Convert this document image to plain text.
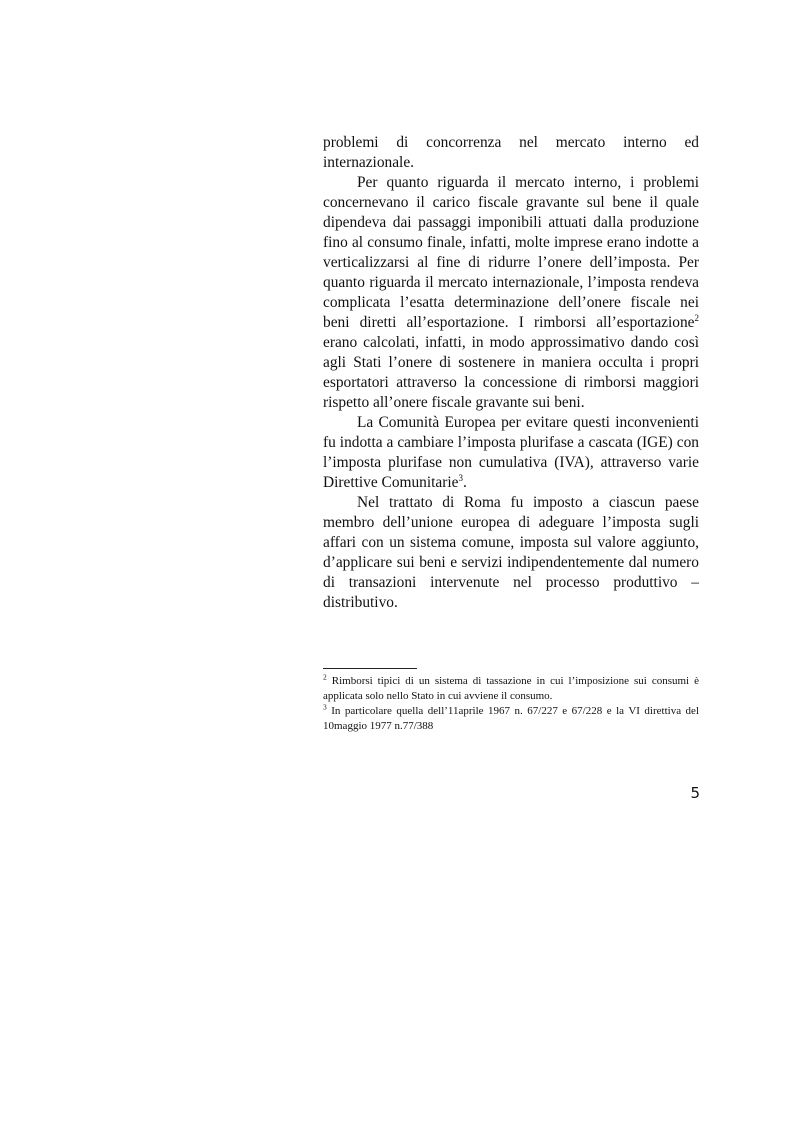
problemi di concorrenza nel mercato interno ed internazionale.

Per quanto riguarda il mercato interno, i problemi concernevano il carico fiscale gravante sul bene il quale dipendeva dai passaggi imponibili attuati dalla produzione fino al consumo finale, infatti, molte imprese erano indotte a verticalizzarsi al fine di ridurre l’onere dell’imposta. Per quanto riguarda il mercato internazionale, l’imposta rendeva complicata l’esatta determinazione dell’onere fiscale nei beni diretti all’esportazione. I rimborsi all’esportazione$^2$ erano calcolati, infatti, in modo approssimativo dando così agli Stati l’onere di sostenere in maniera occulta i propri esportatori attraverso la concessione di rimborsi maggiori rispetto all’onere fiscale gravante sui beni.

La Comunità Europea per evitare questi inconvenienti fu indotta a cambiare l’imposta plurifase a cascata (IGE) con l’imposta plurifase non cumulativa (IVA), attraverso varie Direttive Comunitarie$^3$.

Nel trattato di Roma fu imposto a ciascun paese membro dell’unione europea di adeguare l’imposta sugli affari con un sistema comune, imposta sul valore aggiunto, d’applicare sui beni e servizi indipendentemente dal numero di transazioni intervenute nel processo produttivo – distributivo.

$^2$ Rimborsi tipici di un sistema di tassazione in cui l’imposizione sui consumi è applicata solo nello Stato in cui avviene il consumo.

$^3$ In particolare quella dell’11aprile 1967 n. 67/227 e 67/228 e la VI direttiva del 10maggio 1977 n.77/388

5
